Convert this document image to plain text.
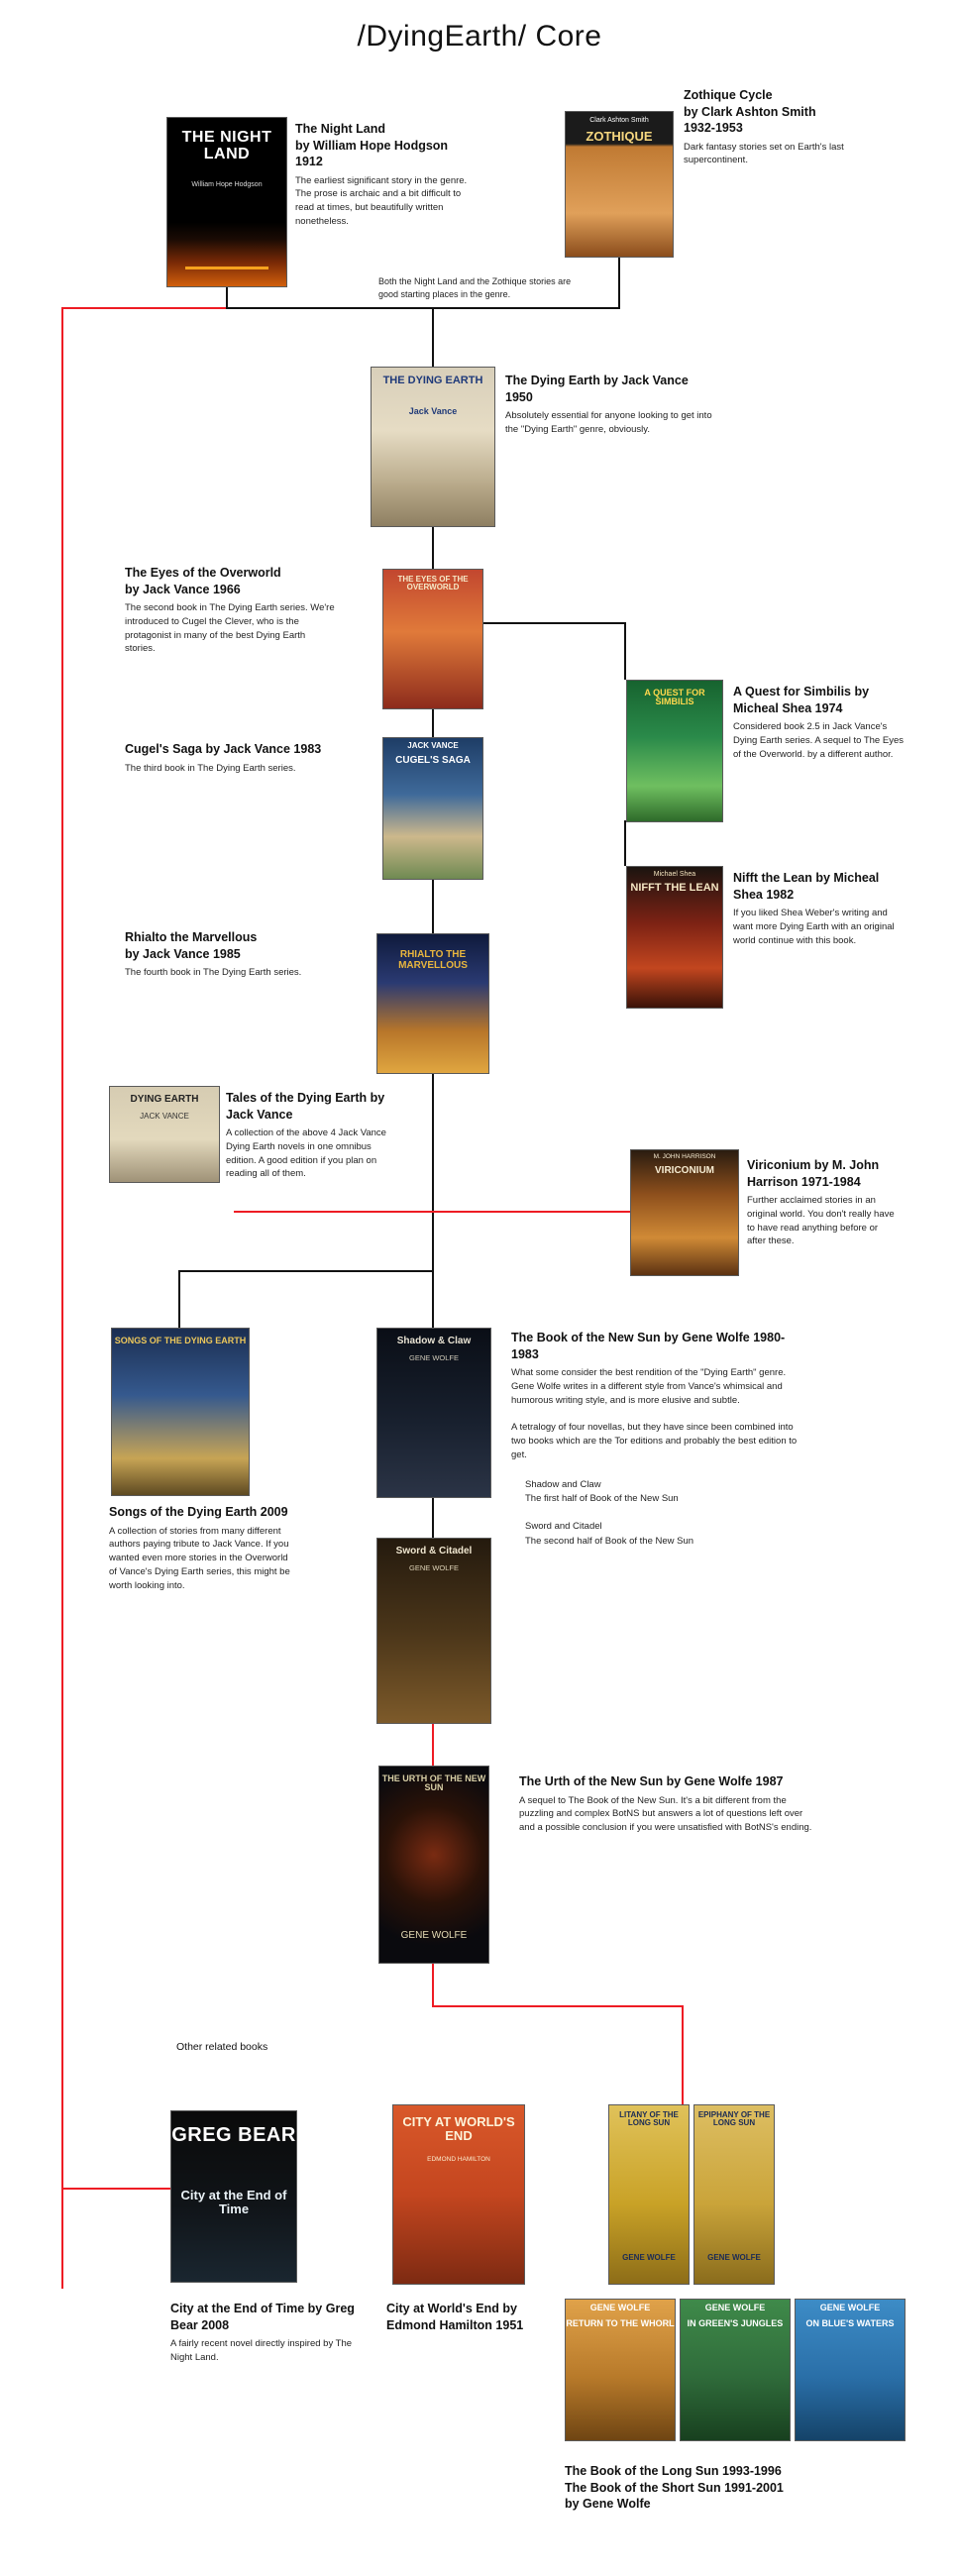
/DyingEarth/ Core
THE NIGHT LAND
William Hope Hodgson
The Night Land
by William Hope Hodgson 1912
The earliest significant story in the genre. The prose is archaic and a bit difficult to read at times, but beautifully written nonetheless.
Clark Ashton Smith
ZOTHIQUE
Zothique Cycle
by Clark Ashton Smith 1932-1953
Dark fantasy stories set on Earth's last supercontinent.
Both the Night Land and the Zothique stories are good starting places in the genre.
THE DYING EARTH
Jack Vance
The Dying Earth by Jack Vance 1950
Absolutely essential for anyone looking to get into the "Dying Earth" genre, obviously.
THE EYES OF THE OVERWORLD
The Eyes of the Overworld
by Jack Vance 1966
The second book in The Dying Earth series. We're introduced to Cugel the Clever, who is the protagonist in many of the best Dying Earth stories.
JACK VANCE
CUGEL'S SAGA
Cugel's Saga by Jack Vance 1983
The third book in The Dying Earth series.
RHIALTO THE MARVELLOUS
Rhialto the Marvellous
by Jack Vance 1985
The fourth book in The Dying Earth series.
A QUEST FOR SIMBILIS
A Quest for Simbilis by Micheal Shea 1974
Considered book 2.5 in Jack Vance's Dying Earth series. A sequel to The Eyes of the Overworld. by a different author.
Michael Shea
NIFFT THE LEAN
Nifft the Lean by Micheal Shea 1982
If you liked Shea Weber's writing and want more Dying Earth with an original world continue with this book.
DYING EARTH
JACK VANCE
Tales of the Dying Earth by Jack Vance
A collection of the above 4 Jack Vance Dying Earth novels in one omnibus edition. A good edition if you plan on reading all of them.
M. JOHN HARRISON
VIRICONIUM	Viriconium by M. John Harrison 1971-1984
Further acclaimed stories in an original world. You don't really have to have read anything before or after these.
SONGS OF THE DYING EARTH
Songs of the Dying Earth 2009
A collection of stories from many different authors paying tribute to Jack Vance. If you wanted even more stories in the Overworld of Vance's Dying Earth series, this might be worth looking into.
Shadow & Claw
GENE WOLFE
Sword & Citadel
GENE WOLFE
The Book of the New Sun by Gene Wolfe 1980-1983
What some consider the best rendition of the "Dying Earth" genre. Gene Wolfe writes in a different style from Vance's whimsical and humorous writing style, and is more elusive and subtle.
A tetralogy of four novellas, but they have since been combined into two books which are the Tor editions and probably the best edition to get.
Shadow and Claw
The first half of Book of the New Sun
Sword and Citadel
The second half of Book of the New Sun
THE URTH OF THE NEW SUN
GENE WOLFE
The Urth of the New Sun by Gene Wolfe 1987
A sequel to The Book of the New Sun. It's a bit different from the puzzling and complex BotNS but answers a lot of questions left over and a possible conclusion if you were unsatisfied with BotNS's ending.
Other related books
GREG BEAR
City at the End of Time
City at the End of Time by Greg Bear 2008
A fairly recent novel directly inspired by The Night Land.
CITY AT WORLD'S END
EDMOND HAMILTON
City at World's End by Edmond Hamilton 1951
LITANY OF THE LONG SUN
GENE WOLFE
EPIPHANY OF THE LONG SUN
GENE WOLFE
GENE WOLFE
RETURN TO THE WHORL
GENE WOLFE
IN GREEN'S JUNGLES
GENE WOLFE
ON BLUE'S WATERS
The Book of the Long Sun 1993-1996
The Book of the Short Sun 1991-2001
by Gene Wolfe
